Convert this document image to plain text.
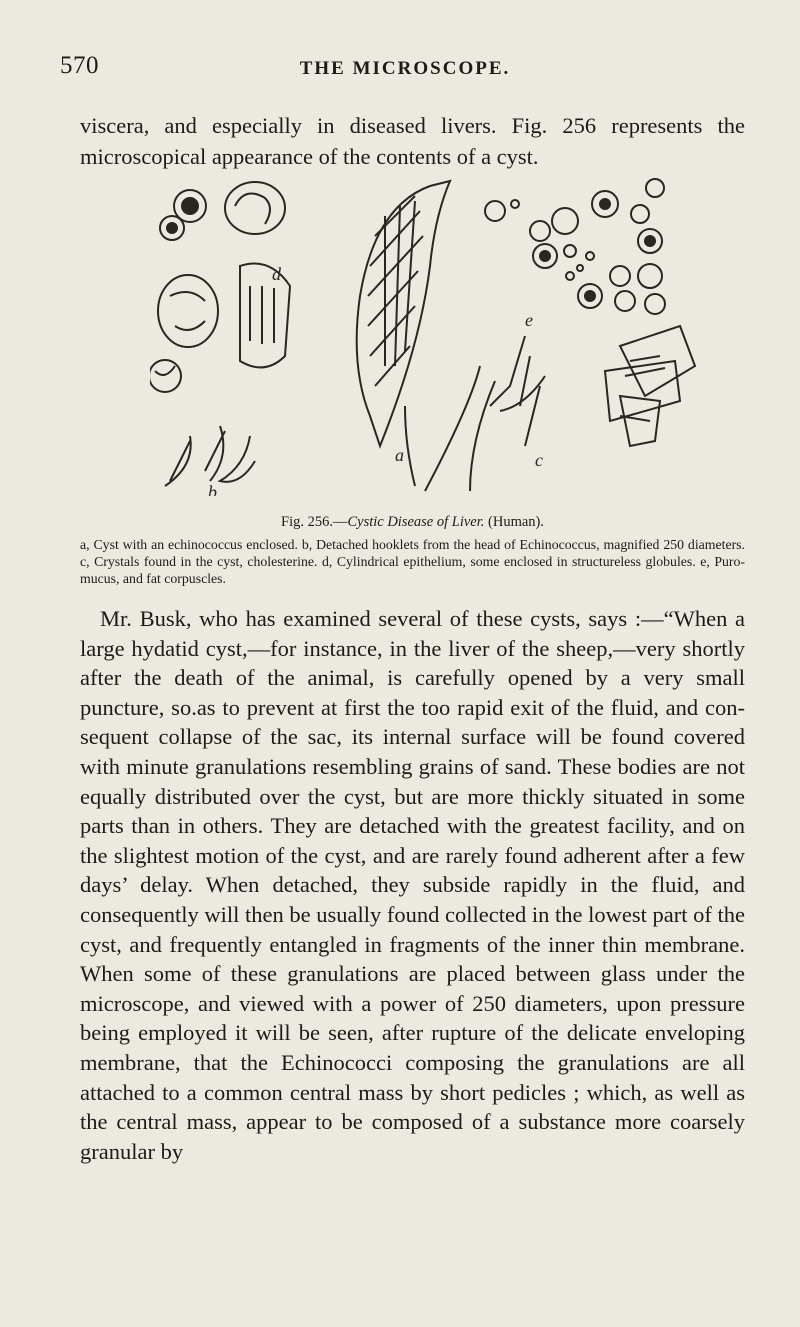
570	THE MICROSCOPE.

viscera, and especially in diseased livers. Fig. 256 represents the microscopical appearance of the contents of a cyst.

d
b
a	c
e
Fig. 256.—Cystic Disease of Liver. (Human).

a, Cyst with an echinococcus enclosed. b, Detached hooklets from the head of Echinococcus, magnified 250 diameters. c, Crystals found in the cyst, cholesterine. d, Cylindrical epithelium, some enclosed in structureless globules. e, Puro-mucus, and fat corpuscles.

Mr. Busk, who has examined several of these cysts, says :—“When a large hydatid cyst,—for instance, in the liver of the sheep,—very shortly after the death of the animal, is carefully opened by a very small puncture, so.as to prevent at first the too rapid exit of the fluid, and consequent collapse of the sac, its internal surface will be found covered with minute granulations resembling grains of sand. These bodies are not equally distributed over the cyst, but are more thickly situated in some parts than in others. They are detached with the greatest facility, and on the slightest motion of the cyst, and are rarely found adherent after a few days’ delay. When detached, they subside rapidly in the fluid, and consequently will then be usually found collected in the lowest part of the cyst, and frequently entangled in fragments of the inner thin membrane. When some of these granulations are placed between glass under the microscope, and viewed with a power of 250 diameters, upon pressure being employed it will be seen, after rupture of the delicate enveloping membrane, that the Echinococci composing the granulations are all attached to a common central mass by short pedicles ; which, as well as the central mass, appear to be composed of a substance more coarsely granular by
